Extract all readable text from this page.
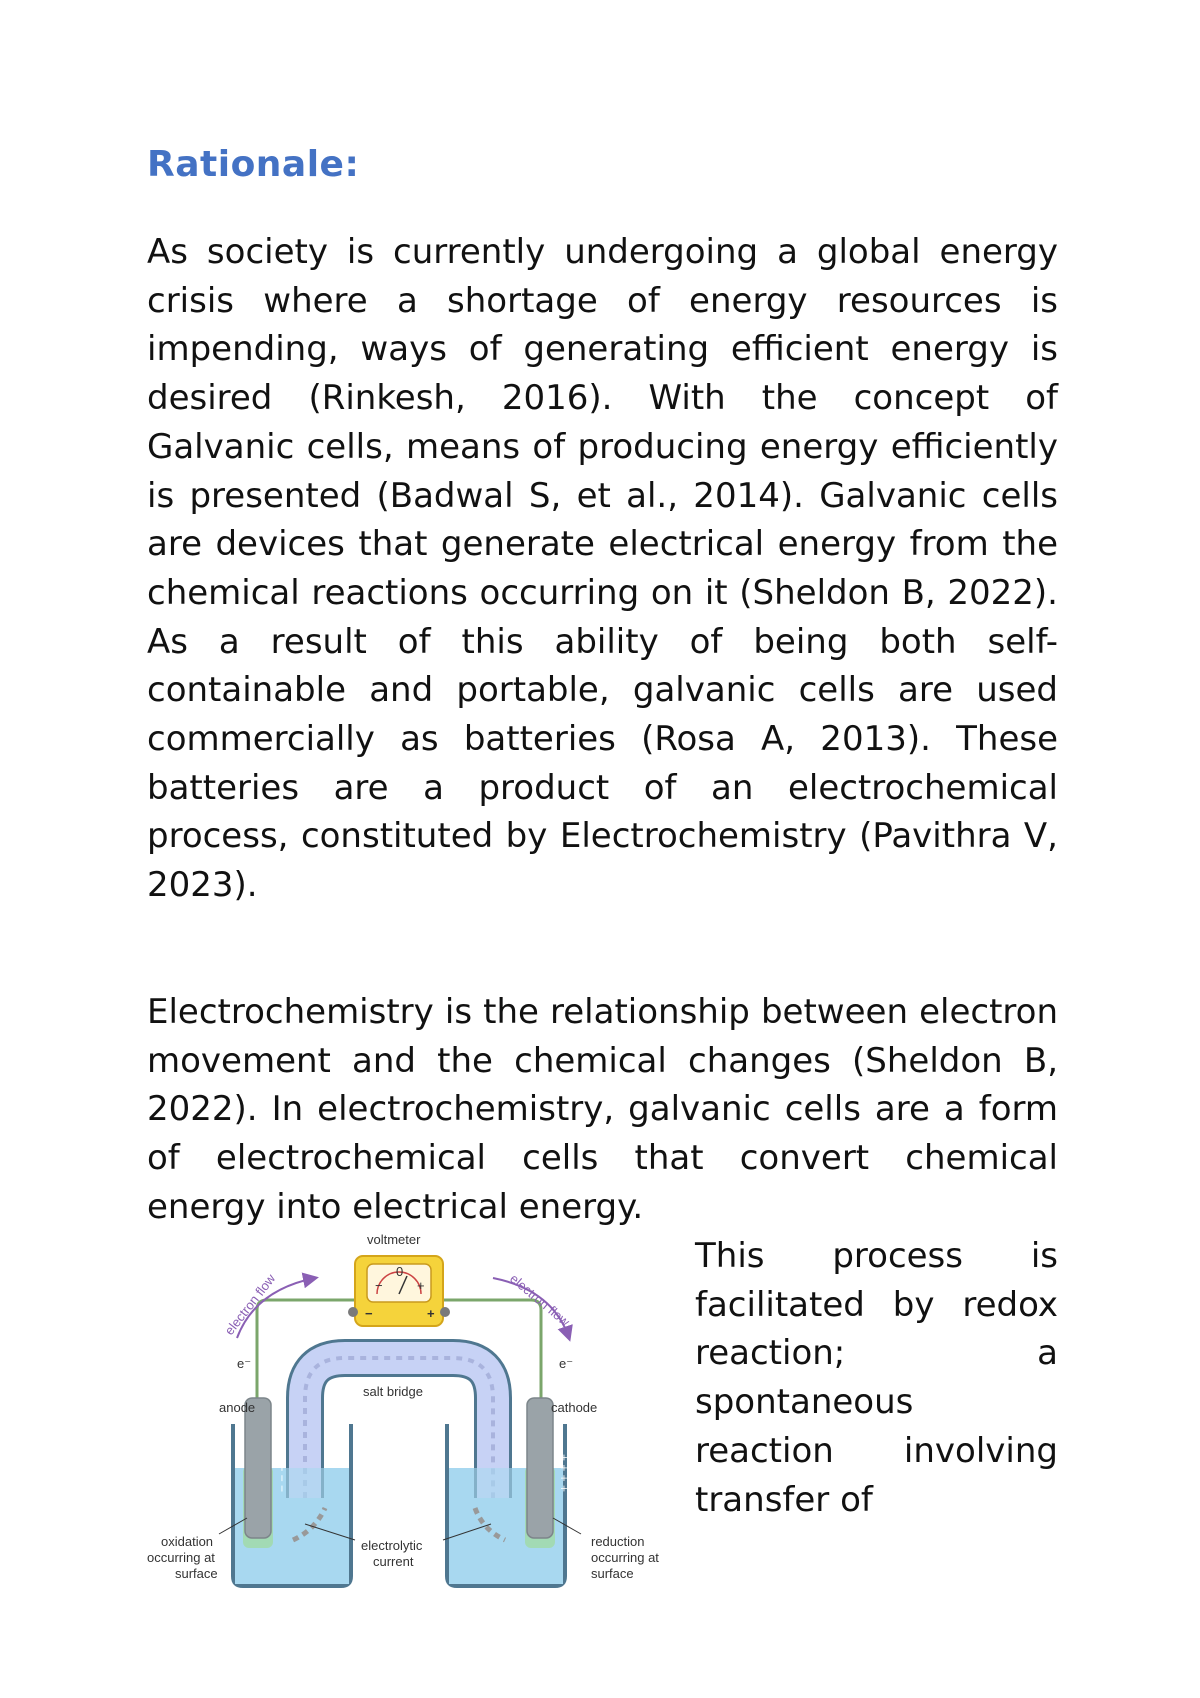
Rationale:

As society is currently undergoing a global energy crisis where a shortage of energy resources is impending, ways of generating efficient energy is desired (Rinkesh, 2016). With the concept of Galvanic cells, means of producing energy efficiently is presented (Badwal S, et al., 2014). Galvanic cells are devices that generate electrical energy from the chemical reactions occurring on it (Sheldon B, 2022). As a result of this ability of being both self-containable and portable, galvanic cells are used commercially as batteries (Rosa A, 2013). These batteries are a product of an electrochemical process, constituted by Electrochemistry (Pavithra V, 2023).

Electrochemistry is the relationship between electron movement and the chemical changes (Sheldon B, 2022). In electrochemistry, galvanic cells are a form of electrochemical cells that convert chemical energy into electrical energy.

This process is facilitated by redox reaction; a spontaneous reaction involving transfer of

0
−	+
−	+
voltmeter
electron flow	electron flow
e⁻	e⁻
salt bridge
electrolytic
current
− − − −	+ + + +
anode	cathode
oxidation
occurring at
surface
reduction
occurring at
surface
